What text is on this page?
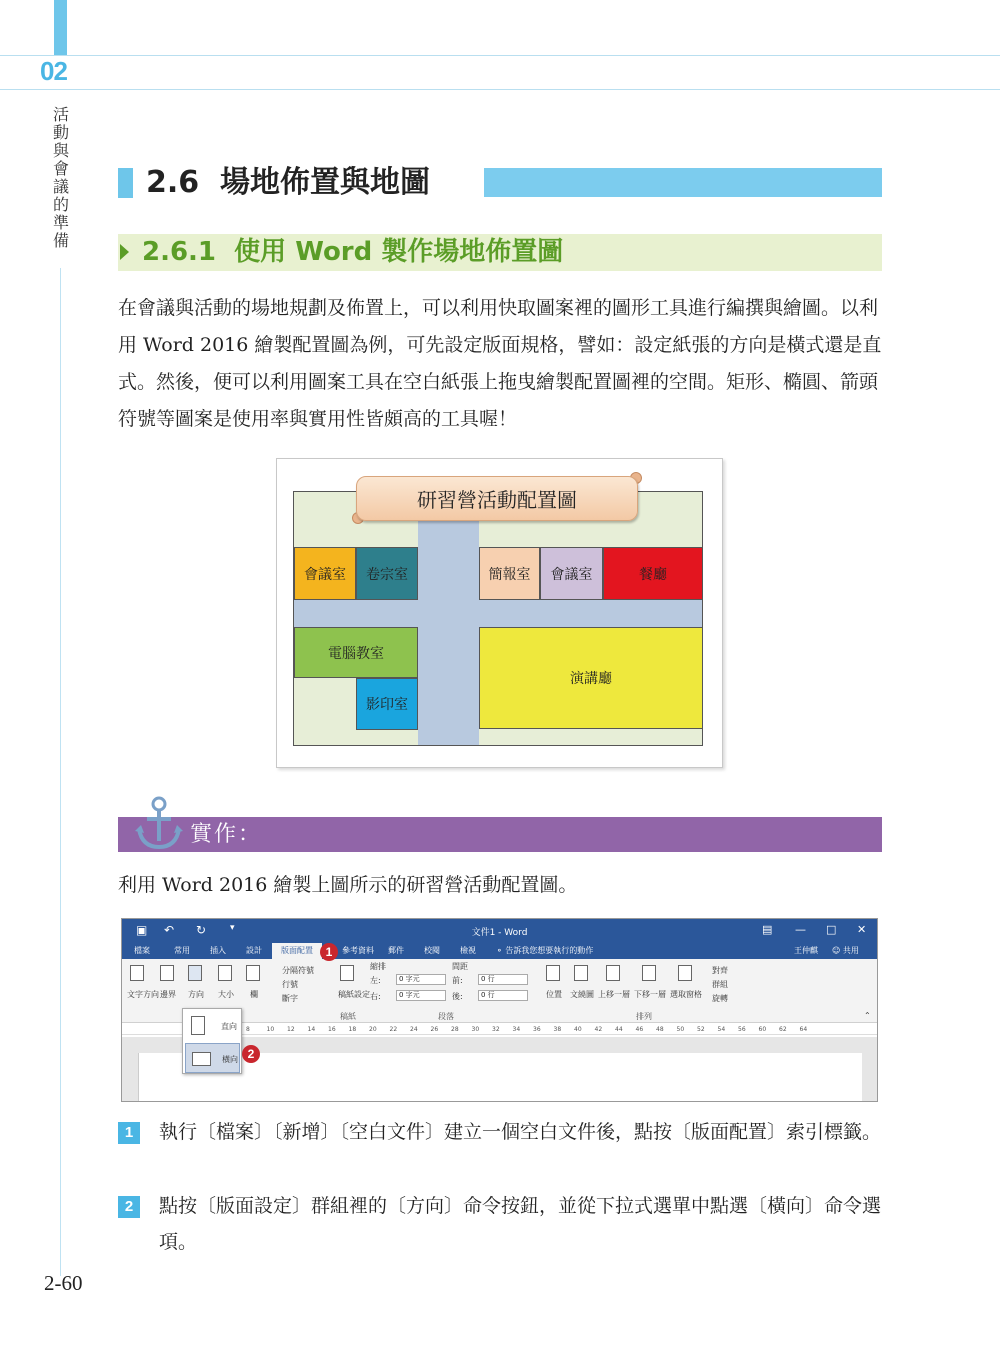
02
活動與會議的準備
2.6 場地佈置與地圖
2.6.1 使用 Word 製作場地佈置圖

在會議與活動的場地規劃及佈置上，可以利用快取圖案裡的圖形工具進行編撰與繪圖。以利用 Word 2016 繪製配置圖為例，可先設定版面規格，譬如：設定紙張的方向是橫式還是直式。然後，便可以利用圖案工具在空白紙張上拖曳繪製配置圖裡的空間。矩形、橢圓、箭頭符號等圖案是使用率與實用性皆頗高的工具喔！

會議室	卷宗室	簡報室	會議室	餐廳
電腦教室
影印室
演講廳
研習營活動配置圖
實作：

利用 Word 2016 繪製上圖所示的研習營活動配置圖。

▣ ↶ ↻	▾	文件1 - Word	▤ — □ ✕
檔案	常用	插入	設計	參考資料 郵件	校閱	檢視	⚬ 告訴我您想要執行的動作	王仲麒 ☺ 共用
版面配置
文字方向 邊界 方向 大小 欄
分隔符號
行號
斷字	稿紙設定
稿紙
縮排
左:	0 字元
右:	0 字元
間距
前:	0 行
後:	0 行
段落
位置 文繞圖 上移一層 下移一層 選取窗格
對齊
群組
旋轉
排列	⌃
8	10 12 14 16 18 20 22 24 26 28 30 32 34 36 38 40 42 44 46 48 50 52 54 56 60 62 64
直向
橫向
1
2
1	執行〔檔案〕〔新增〕〔空白文件〕建立一個空白文件後，點按〔版面配置〕索引標籤。
2	點按〔版面設定〕群組裡的〔方向〕命令按鈕，並從下拉式選單中點選〔橫向〕命令選項。
2-60
